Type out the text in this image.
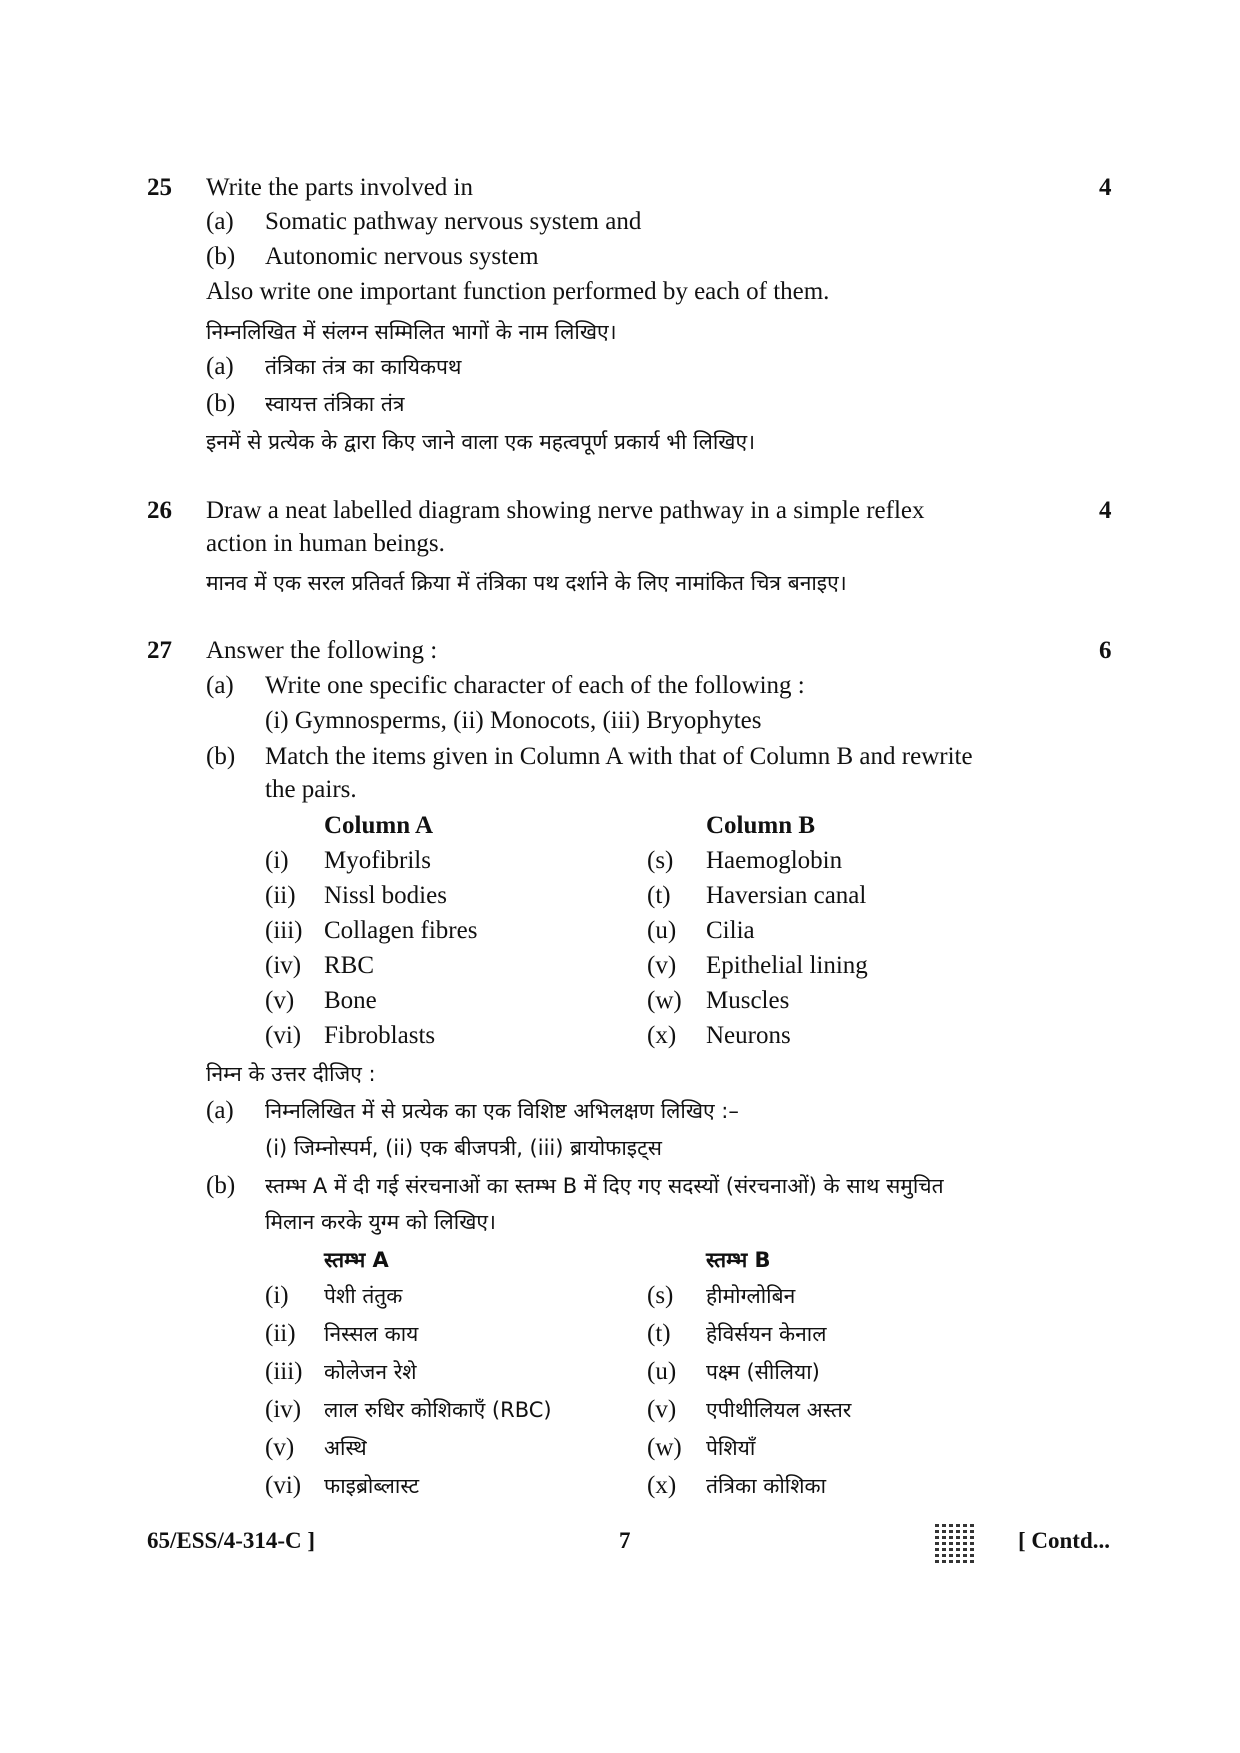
25 Write the parts involved in	4
(a) Somatic pathway nervous system and
(b) Autonomic nervous system
Also write one important function performed by each of them.
निम्नलिखित में संलग्न सम्मिलित भागों के नाम लिखिए।
(a) तंत्रिका तंत्र का कायिकपथ
(b) स्वायत्त तंत्रिका तंत्र
इनमें से प्रत्येक के द्वारा किए जाने वाला एक महत्वपूर्ण प्रकार्य भी लिखिए।
26 Draw a neat labelled diagram showing nerve pathway in a simple reflex	4
action in human beings.
मानव में एक सरल प्रतिवर्त क्रिया में तंत्रिका पथ दर्शाने के लिए नामांकित चित्र बनाइए।
27 Answer the following :	6
(a) Write one specific character of each of the following :
(i) Gymnosperms, (ii) Monocots, (iii) Bryophytes
(b) Match the items given in Column A with that of Column B and rewrite
the pairs.
Column A	Column B
(i) Myofibrils	(s) Haemoglobin
(ii) Nissl bodies	(t) Haversian canal
(iii) Collagen fibres	(u) Cilia
(iv) RBC	(v) Epithelial lining
(v) Bone	(w) Muscles
(vi) Fibroblasts	(x) Neurons
निम्न के उत्तर दीजिए :
(a) निम्नलिखित में से प्रत्येक का एक विशिष्ट अभिलक्षण लिखिए :–
(i) जिम्नोस्पर्म, (ii) एक बीजपत्री, (iii) ब्रायोफाइट्स
(b) स्तम्भ A में दी गई संरचनाओं का स्तम्भ B में दिए गए सदस्यों (संरचनाओं) के साथ समुचित
मिलान करके युग्म को लिखिए।
स्तम्भ A	स्तम्भ B
(i) पेशी तंतुक	(s) हीमोग्लोबिन
(ii) निस्सल काय	(t) हेविर्सयन केनाल
(iii) कोलेजन रेशे	(u) पक्ष्म (सीलिया)
(iv) लाल रुधिर कोशिकाएँ (RBC)	(v) एपीथीलियल अस्तर
(v) अस्थि	(w) पेशियाँ
(vi) फाइब्रोब्लास्ट	(x) तंत्रिका कोशिका
65/ESS/4-314-C ]	7	[ Contd...
